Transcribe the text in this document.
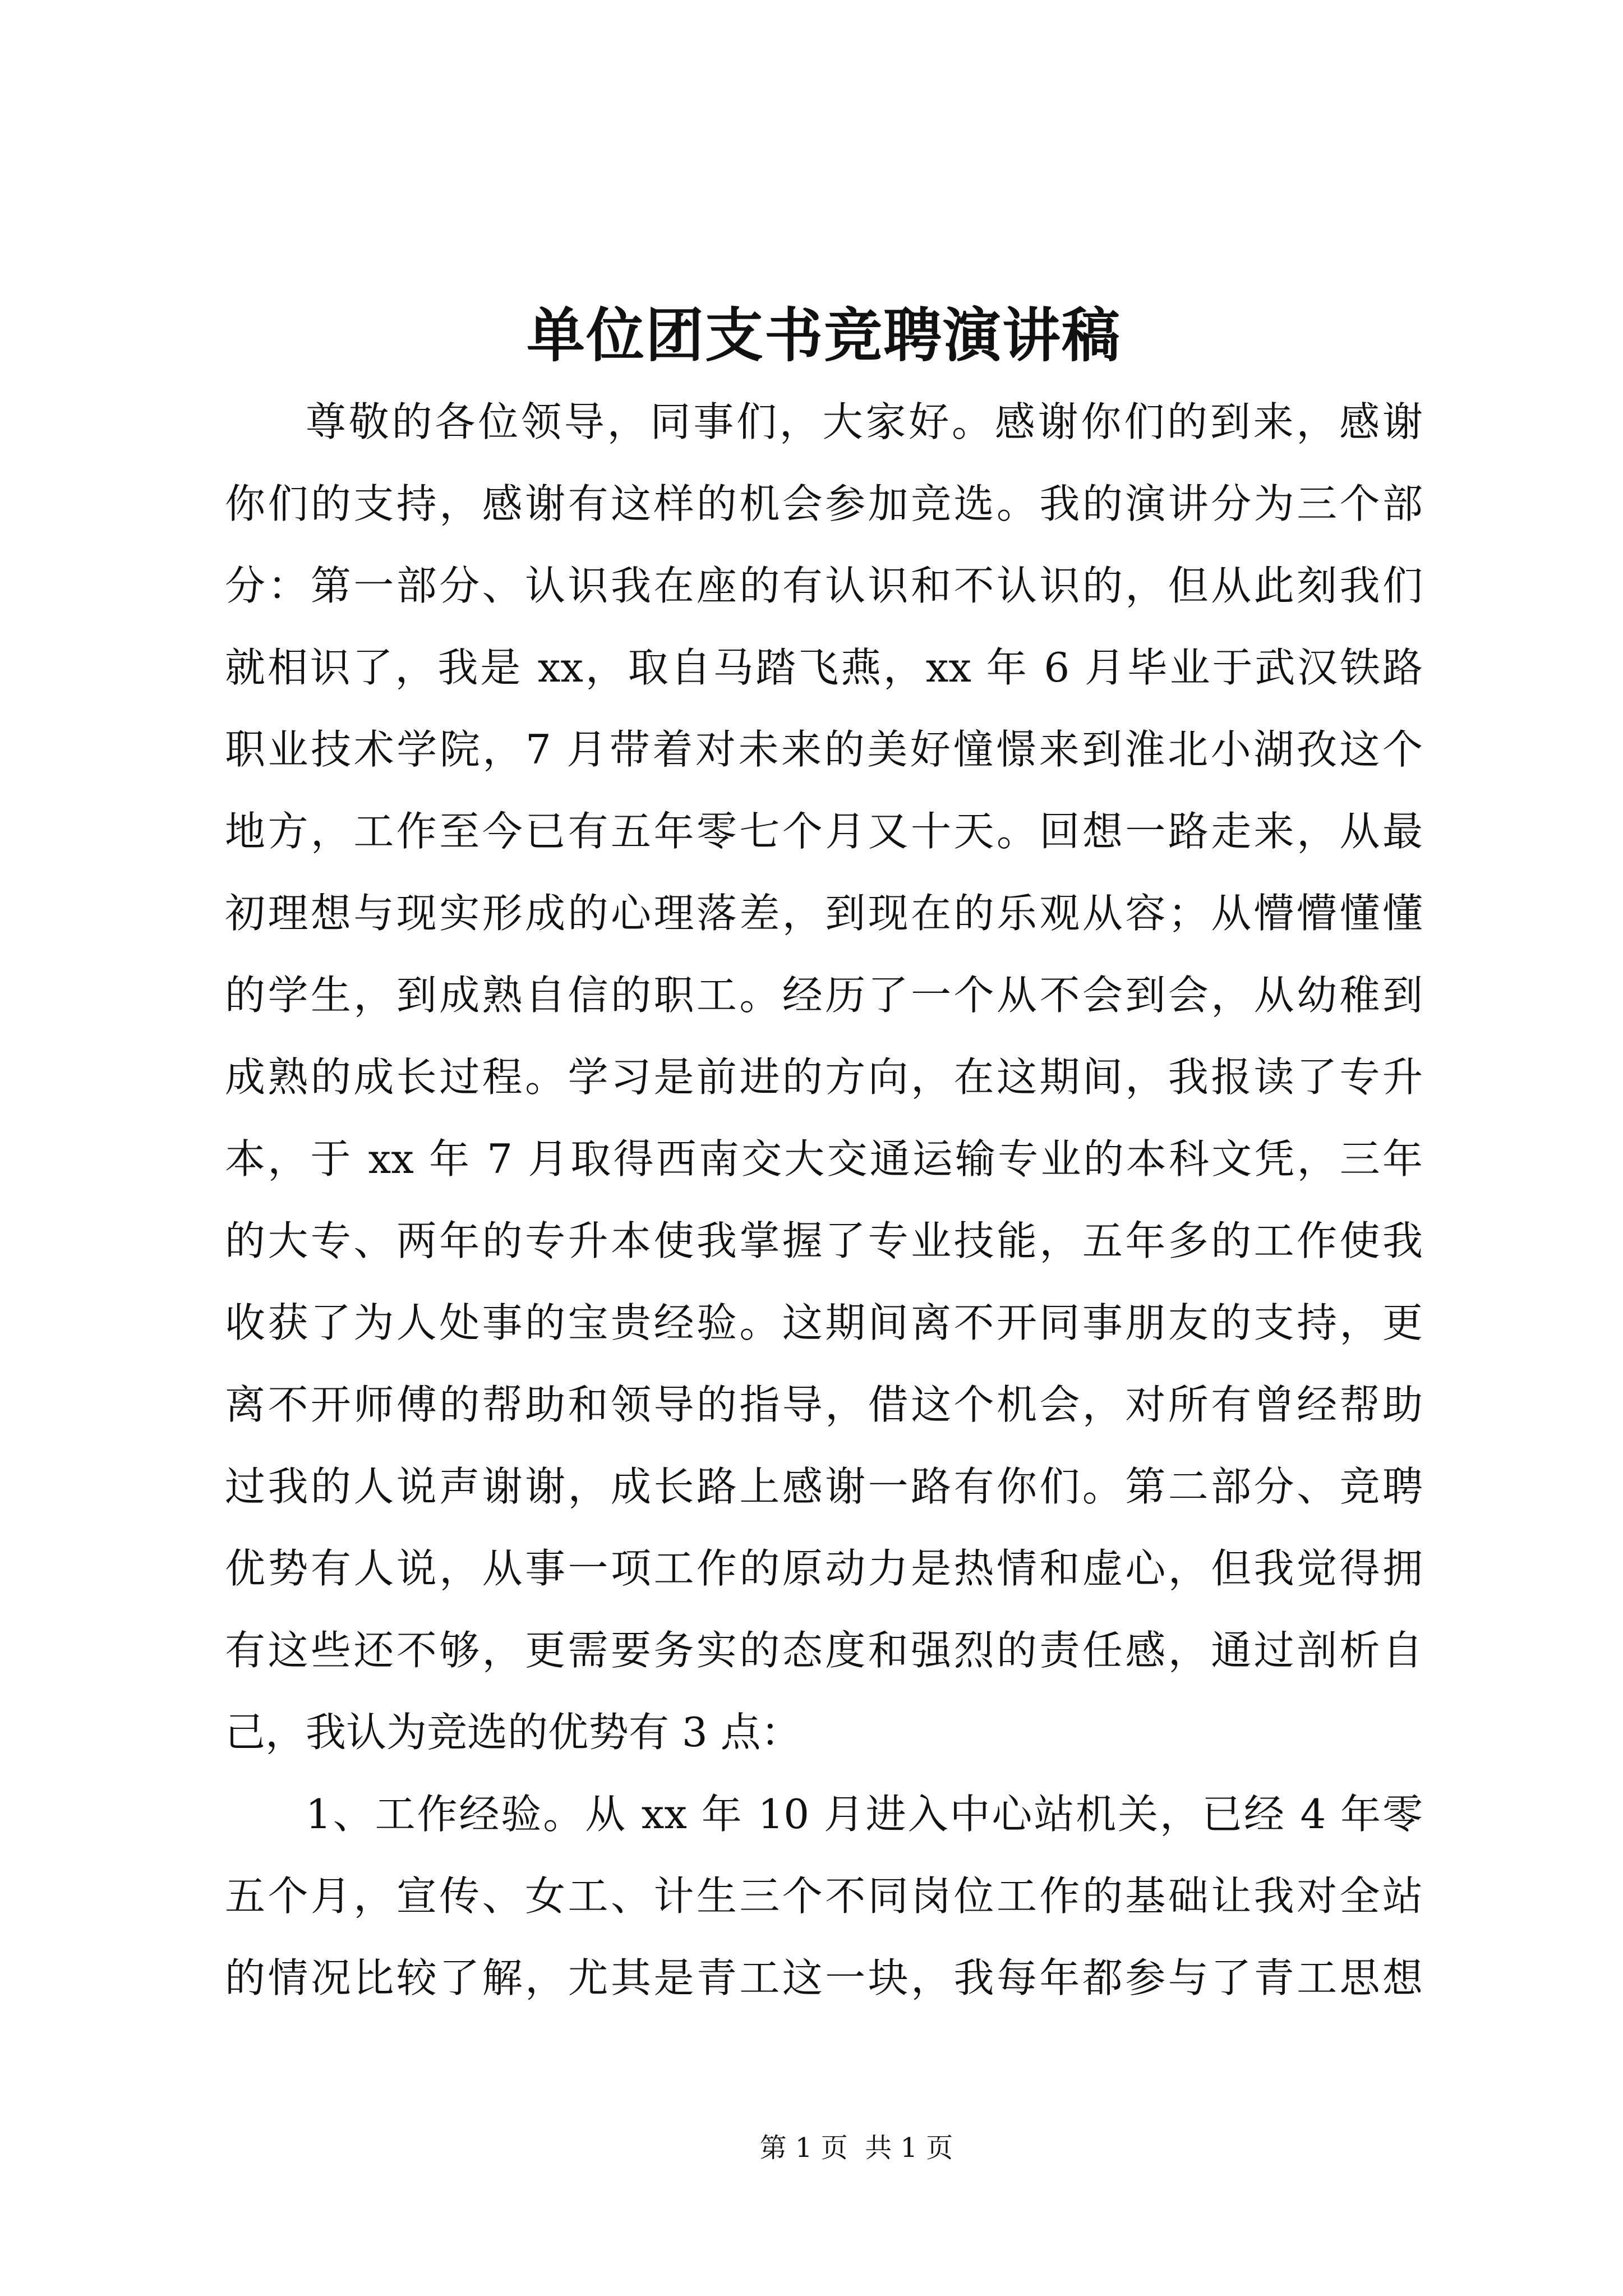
单位团支书竞聘演讲稿
尊敬的各位领导，同事们，大家好。感谢你们的到来，感谢
你们的支持，感谢有这样的机会参加竞选。我的演讲分为三个部
分：第一部分、认识我在座的有认识和不认识的，但从此刻我们
就相识了，我是 xx，取自马踏飞燕，xx 年 6 月毕业于武汉铁路
职业技术学院，7 月带着对未来的美好憧憬来到淮北小湖孜这个
地方，工作至今已有五年零七个月又十天。回想一路走来，从最
初理想与现实形成的心理落差，到现在的乐观从容；从懵懵懂懂
的学生，到成熟自信的职工。经历了一个从不会到会，从幼稚到
成熟的成长过程。学习是前进的方向，在这期间，我报读了专升
本，于 xx 年 7 月取得西南交大交通运输专业的本科文凭，三年
的大专、两年的专升本使我掌握了专业技能，五年多的工作使我
收获了为人处事的宝贵经验。这期间离不开同事朋友的支持，更
离不开师傅的帮助和领导的指导，借这个机会，对所有曾经帮助
过我的人说声谢谢，成长路上感谢一路有你们。第二部分、竞聘
优势有人说，从事一项工作的原动力是热情和虚心，但我觉得拥
有这些还不够，更需要务实的态度和强烈的责任感，通过剖析自
己，我认为竞选的优势有 3 点：
1、工作经验。从 xx 年 10 月进入中心站机关，已经 4 年零
五个月，宣传、女工、计生三个不同岗位工作的基础让我对全站
的情况比较了解，尤其是青工这一块，我每年都参与了青工思想
第 1 页  共 1 页
